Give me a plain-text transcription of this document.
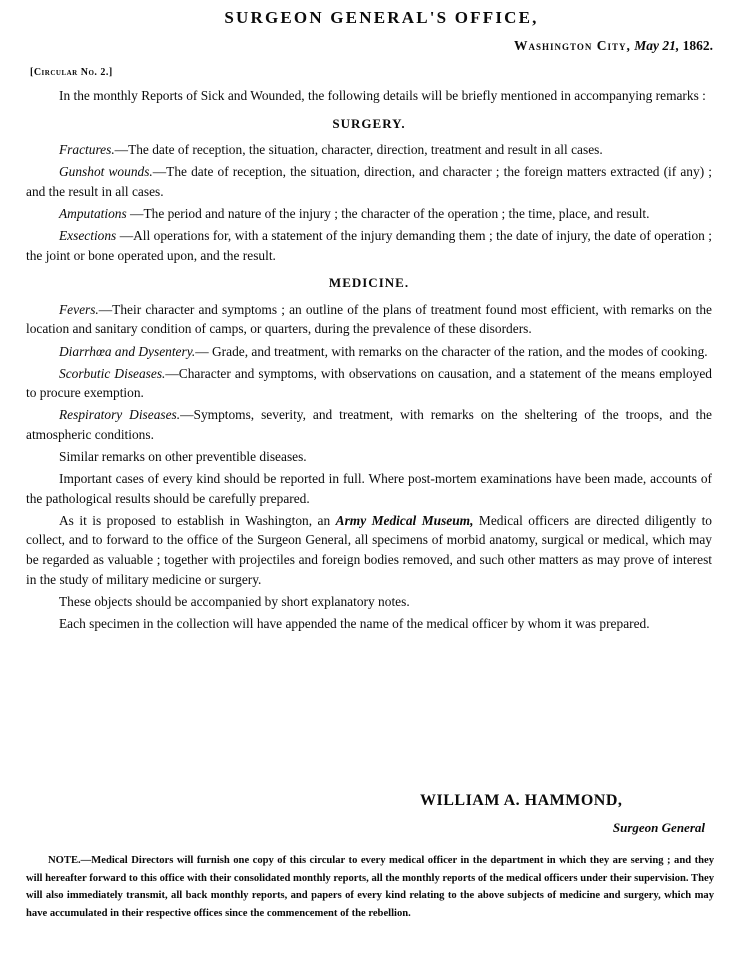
SURGEON GENERAL'S OFFICE,
Washington City, May 21, 1862.
[Circular No. 2.]

In the monthly Reports of Sick and Wounded, the following details will be briefly mentioned in accompanying remarks :

SURGERY.

Fractures.—The date of reception, the situation, character, direction, treatment and result in all cases.

Gunshot wounds.—The date of reception, the situation, direction, and character ; the foreign matters extracted (if any) ; and the result in all cases.

Amputations —The period and nature of the injury ; the character of the operation ; the time, place, and result.

Exsections —All operations for, with a statement of the injury demanding them ; the date of injury, the date of operation ; the joint or bone operated upon, and the result.

MEDICINE.

Fevers.—Their character and symptoms ; an outline of the plans of treatment found most efficient, with remarks on the location and sanitary condition of camps, or quarters, during the prevalence of these disorders.

Diarrhœa and Dysentery.— Grade, and treatment, with remarks on the character of the ration, and the modes of cooking.

Scorbutic Diseases.—Character and symptoms, with observations on causation, and a statement of the means employed to procure exemption.

Respiratory Diseases.—Symptoms, severity, and treatment, with remarks on the sheltering of the troops, and the atmospheric conditions.

Similar remarks on other preventible diseases.

Important cases of every kind should be reported in full. Where post-mortem examinations have been made, accounts of the pathological results should be carefully prepared.

As it is proposed to establish in Washington, an Army Medical Museum, Medical officers are directed diligently to collect, and to forward to the office of the Surgeon General, all specimens of morbid anatomy, surgical or medical, which may be regarded as valuable ; together with projectiles and foreign bodies removed, and such other matters as may prove of interest in the study of military medicine or surgery.

These objects should be accompanied by short explanatory notes.

Each specimen in the collection will have appended the name of the medical officer by whom it was prepared.

WILLIAM A. HAMMOND,
Surgeon General
NOTE.—Medical Directors will furnish one copy of this circular to every medical officer in the department in which they are serving ; and they will hereafter forward to this office with their consolidated monthly reports, all the monthly reports of the medical officers under their supervision. They will also immediately transmit, all back monthly reports, and papers of every kind relating to the above subjects of medicine and surgery, which may have accumulated in their respective offices since the commencement of the rebellion.
